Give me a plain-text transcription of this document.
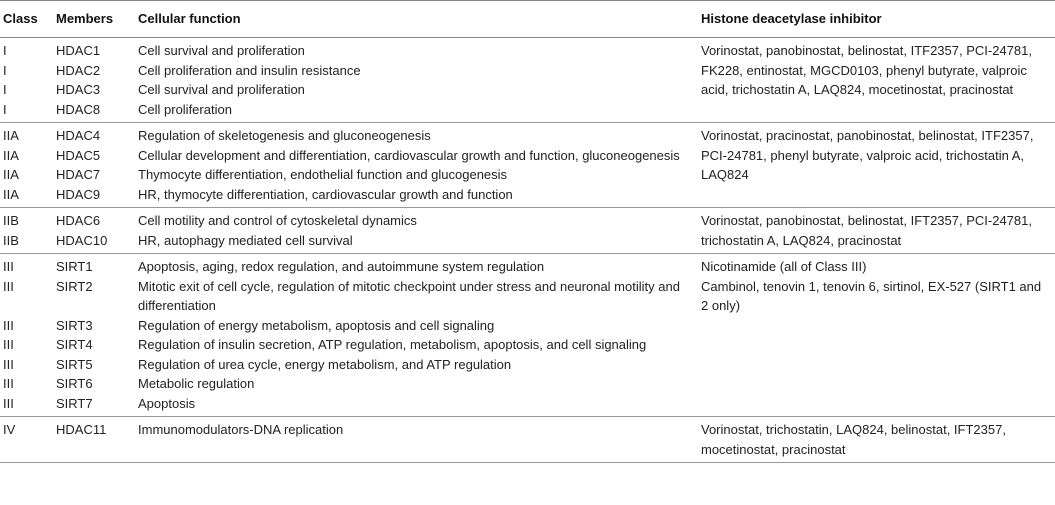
Class	Members	Cellular function	Histone deacetylase inhibitor
I	HDAC1	Cell survival and proliferation	Vorinostat, panobinostat, belinostat, ITF2357, PCI-24781, FK228, entinostat, MGCD0103, phenyl butyrate, valproic acid, trichostatin A, LAQ824, mocetinostat, pracinostat
I	HDAC2	Cell proliferation and insulin resistance	
I	HDAC3	Cell survival and proliferation	
I	HDAC8	Cell proliferation	
IIA	HDAC4	Regulation of skeletogenesis and gluconeogenesis	Vorinostat, pracinostat, panobinostat, belinostat, ITF2357, PCI-24781, phenyl butyrate, valproic acid, trichostatin A, LAQ824
IIA	HDAC5	Cellular development and differentiation, cardiovascular growth and function, gluconeogenesis	
IIA	HDAC7	Thymocyte differentiation, endothelial function and glucogenesis	
IIA	HDAC9	HR, thymocyte differentiation, cardiovascular growth and function	
IIB	HDAC6	Cell motility and control of cytoskeletal dynamics	Vorinostat, panobinostat, belinostat, IFT2357, PCI-24781, trichostatin A, LAQ824, pracinostat
IIB	HDAC10	HR, autophagy mediated cell survival	
III	SIRT1	Apoptosis, aging, redox regulation, and autoimmune system regulation	Nicotinamide (all of Class III)
III	SIRT2	Mitotic exit of cell cycle, regulation of mitotic checkpoint under stress and neuronal motility and differentiation	Cambinol, tenovin 1, tenovin 6, sirtinol, EX-527 (SIRT1 and 2 only)
III	SIRT3	Regulation of energy metabolism, apoptosis and cell signaling	
III	SIRT4	Regulation of insulin secretion, ATP regulation, metabolism, apoptosis, and cell signaling	
III	SIRT5	Regulation of urea cycle, energy metabolism, and ATP regulation	
III	SIRT6	Metabolic regulation	
III	SIRT7	Apoptosis	
IV	HDAC11	Immunomodulators-DNA replication	Vorinostat, trichostatin, LAQ824, belinostat, IFT2357, mocetinostat, pracinostat
